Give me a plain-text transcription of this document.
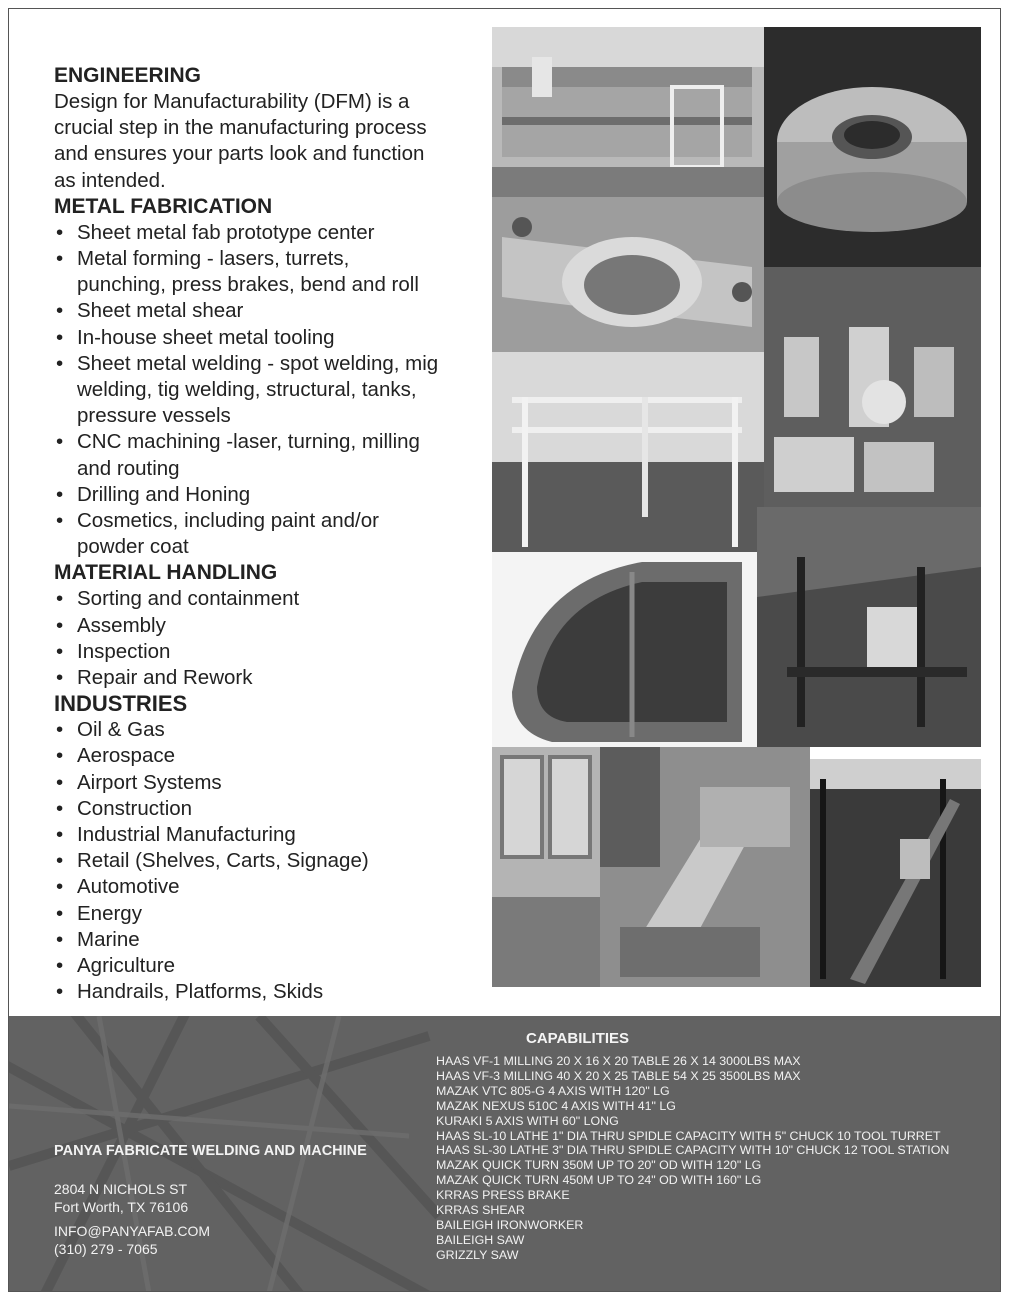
ENGINEERING

Design for Manufacturability (DFM) is a
crucial step in the manufacturing process
and ensures your parts look and function
as intended.

METAL FABRICATION

• Sheet metal fab prototype center
• Metal forming - lasers, turrets,
punching, press brakes, bend and roll
• Sheet metal shear
• In-house sheet metal tooling
• Sheet metal welding - spot welding, mig
welding, tig welding, structural, tanks,
pressure vessels
• CNC machining -laser, turning, milling
and routing
• Drilling and Honing
• Cosmetics, including paint and/or
powder coat

MATERIAL HANDLING

• Sorting and containment
• Assembly
• Inspection
• Repair and Rework

INDUSTRIES

• Oil & Gas
• Aerospace
• Airport Systems
• Construction
• Industrial Manufacturing
• Retail (Shelves, Carts, Signage)
• Automotive
• Energy
• Marine
• Agriculture
• Handrails, Platforms, Skids
PANYA FABRICATE WELDING AND MACHINE
2804 N NICHOLS ST
Fort Worth, TX 76106
INFO@PANYAFAB.COM
(310) 279 - 7065
CAPABILITIES
HAAS VF-1 MILLING 20 X 16 X 20 TABLE 26 X 14 3000LBS MAX
HAAS VF-3 MILLING 40 X 20 X 25 TABLE 54 X 25 3500LBS MAX
MAZAK VTC 805-G 4 AXIS WITH 120" LG
MAZAK NEXUS 510C 4 AXIS WITH 41" LG
KURAKI 5 AXIS WITH 60" LONG
HAAS SL-10 LATHE 1" DIA THRU SPIDLE CAPACITY WITH 5" CHUCK 10 TOOL TURRET
HAAS SL-30 LATHE 3" DIA THRU SPIDLE CAPACITY WITH 10" CHUCK 12 TOOL STATION
MAZAK QUICK TURN 350M UP TO 20" OD WITH 120" LG
MAZAK QUICK TURN 450M UP TO 24" OD WITH 160" LG
KRRAS PRESS BRAKE
KRRAS SHEAR
BAILEIGH IRONWORKER
BAILEIGH SAW
GRIZZLY SAW
